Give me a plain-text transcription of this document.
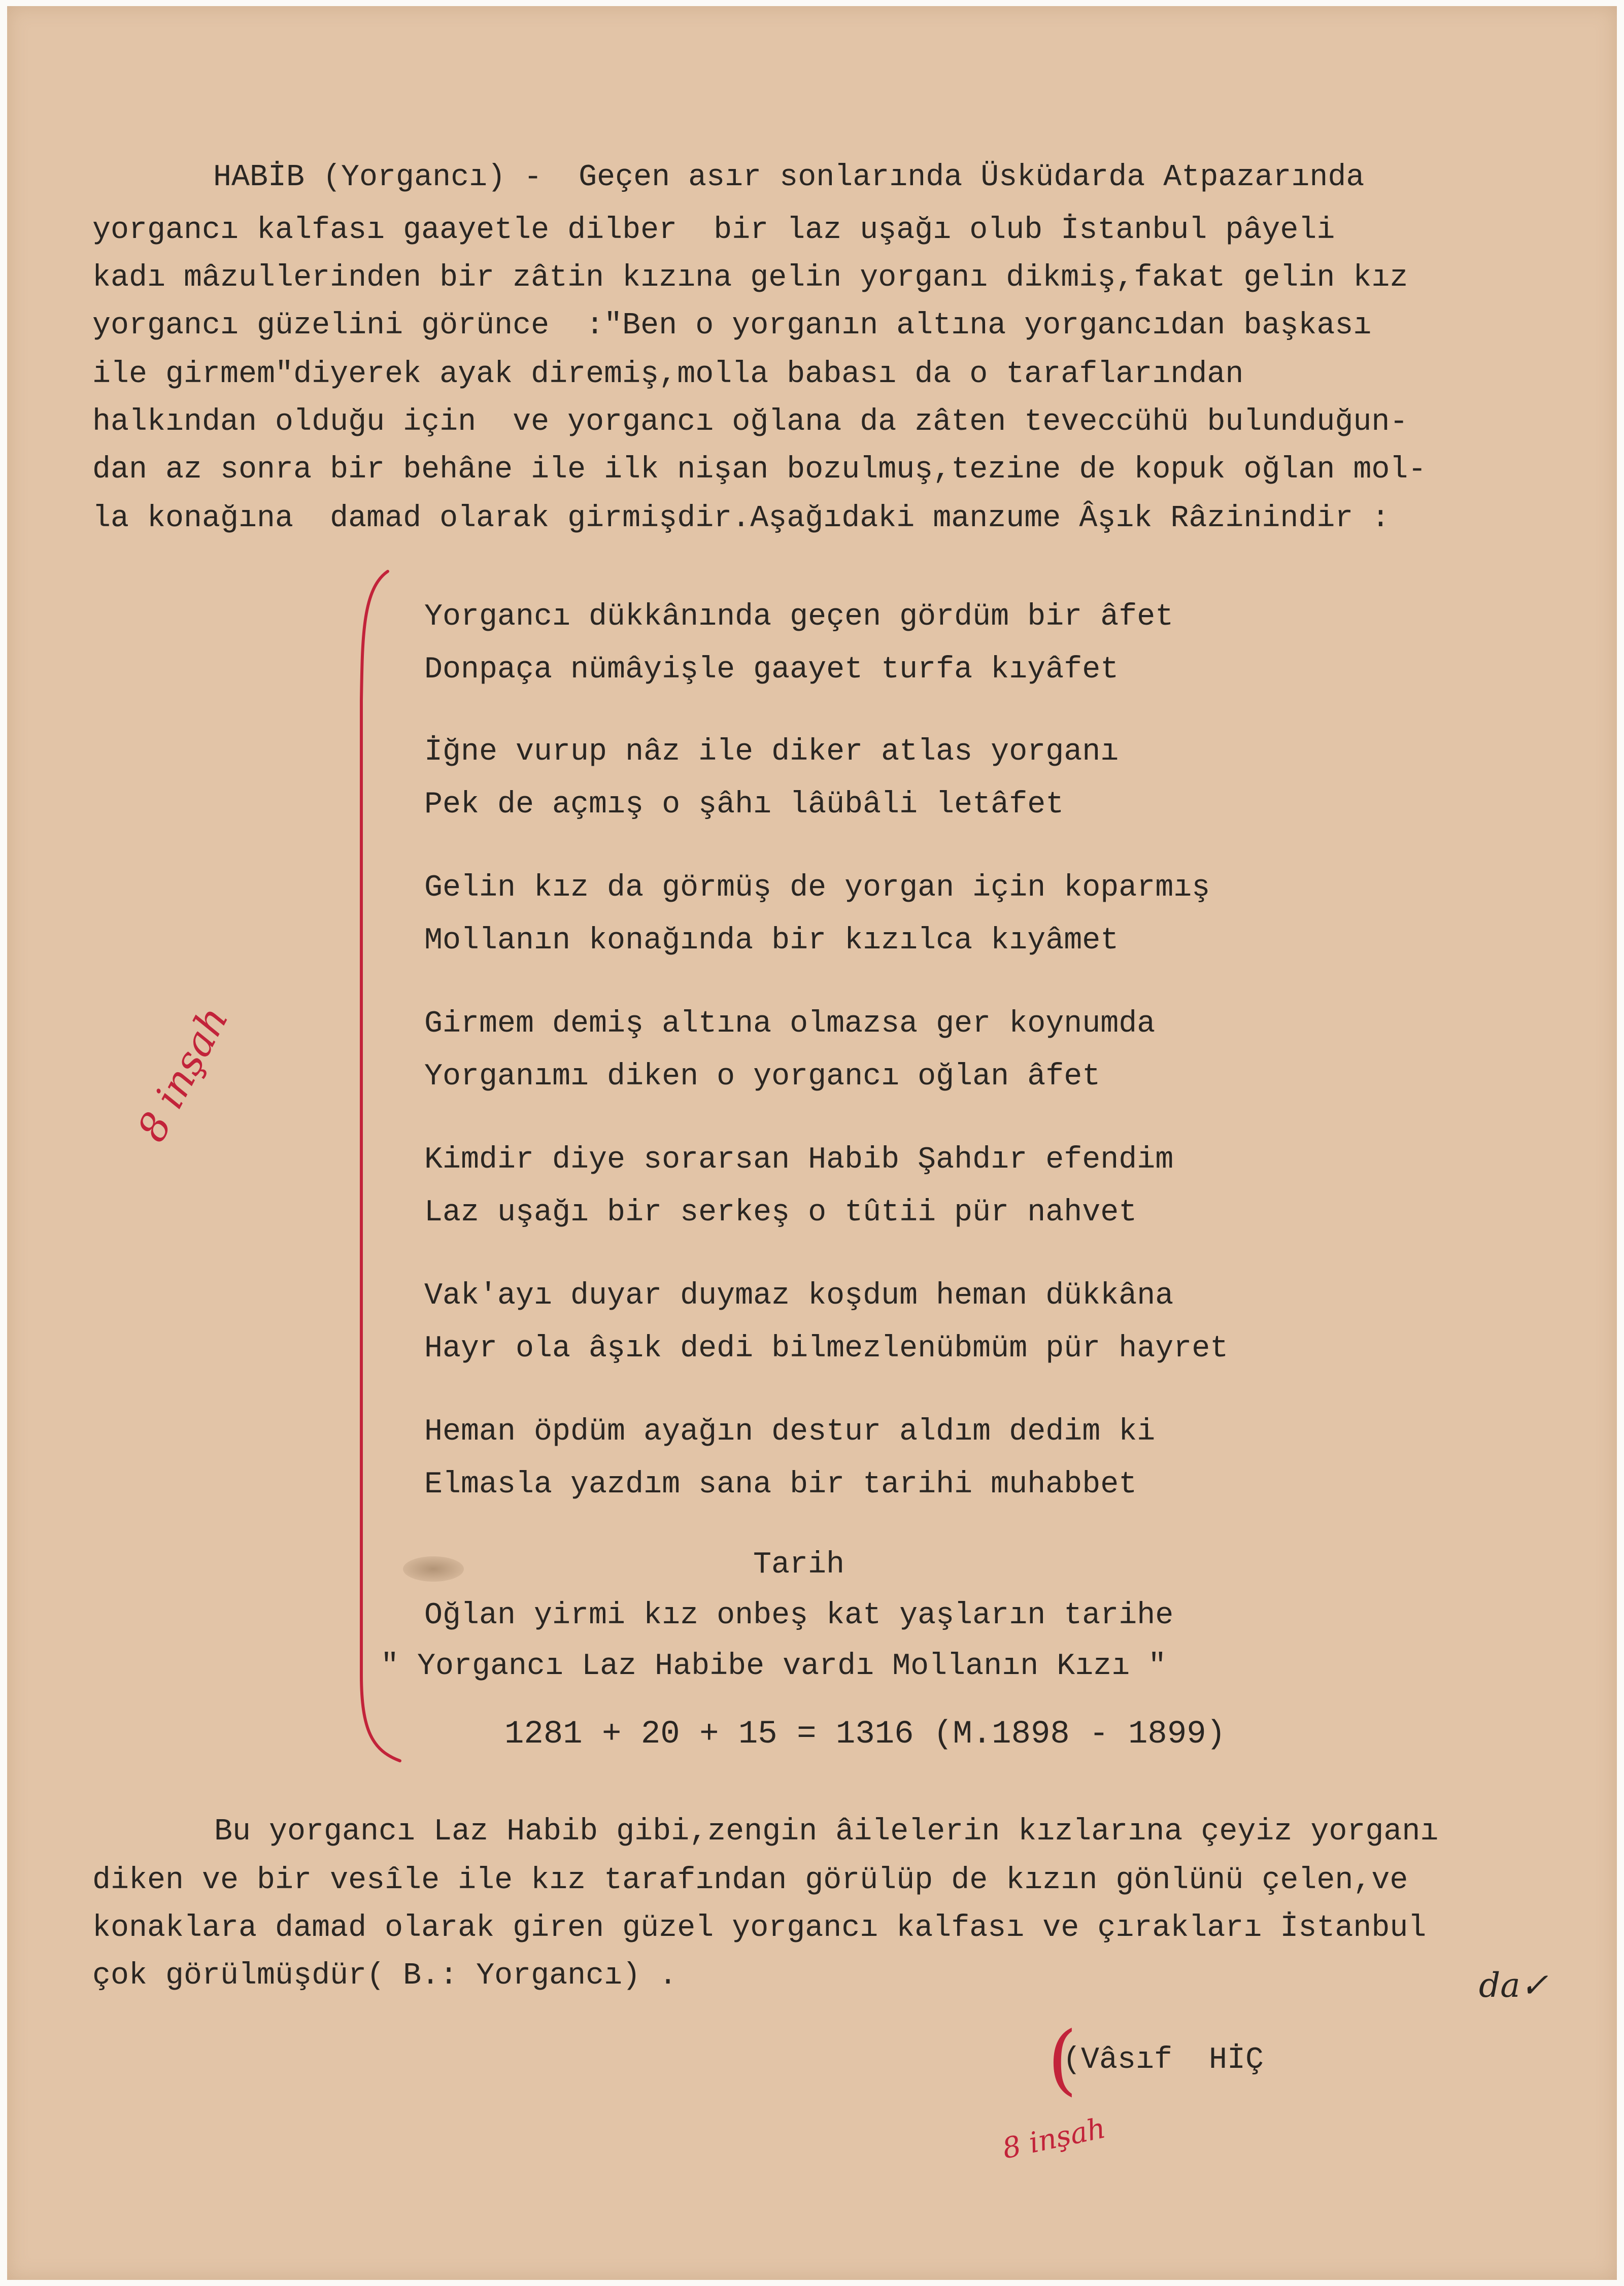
HABİB (Yorgancı) -  Geçen asır sonlarında Üsküdarda Atpazarında
yorgancı kalfası gaayetle dilber  bir laz uşağı olub İstanbul pâyeli
kadı mâzullerinden bir zâtin kızına gelin yorganı dikmiş,fakat gelin kız
yorgancı güzelini görünce  :"Ben o yorganın altına yorgancıdan başkası
ile girmem"diyerek ayak diremiş,molla babası da o taraflarından
halkından olduğu için  ve yorgancı oğlana da zâten teveccühü bulunduğun-
dan az sonra bir behâne ile ilk nişan bozulmuş,tezine de kopuk oğlan mol-
la konağına  damad olarak girmişdir.Aşağıdaki manzume Âşık Râzinindir :
Yorgancı dükkânında geçen gördüm bir âfet
Donpaça nümâyişle gaayet turfa kıyâfet
İğne vurup nâz ile diker atlas yorganı
Pek de açmış o şâhı lâübâli letâfet
Gelin kız da görmüş de yorgan için koparmış
Mollanın konağında bir kızılca kıyâmet
Girmem demiş altına olmazsa ger koynumda
Yorganımı diken o yorgancı oğlan âfet
Kimdir diye sorarsan Habib Şahdır efendim
Laz uşağı bir serkeş o tûtii pür nahvet
Vak'ayı duyar duymaz koşdum heman dükkâna
Hayr ola âşık dedi bilmezlenübmüm pür hayret
Heman öpdüm ayağın destur aldım dedim ki
Elmasla yazdım sana bir tarihi muhabbet
Tarih
Oğlan yirmi kız onbeş kat yaşların tarihe
" Yorgancı Laz Habibe vardı Mollanın Kızı "
1281 + 20 + 15 = 1316 (M.1898 - 1899)
Bu yorgancı Laz Habib gibi,zengin âilelerin kızlarına çeyiz yorganı
diken ve bir vesîle ile kız tarafından görülüp de kızın gönlünü çelen,ve
konaklara damad olarak giren güzel yorgancı kalfası ve çırakları İstanbul
çok görülmüşdür( B.: Yorgancı) .
(Vâsıf  HİÇ
8 inşah
8 inşah
(
da✓
